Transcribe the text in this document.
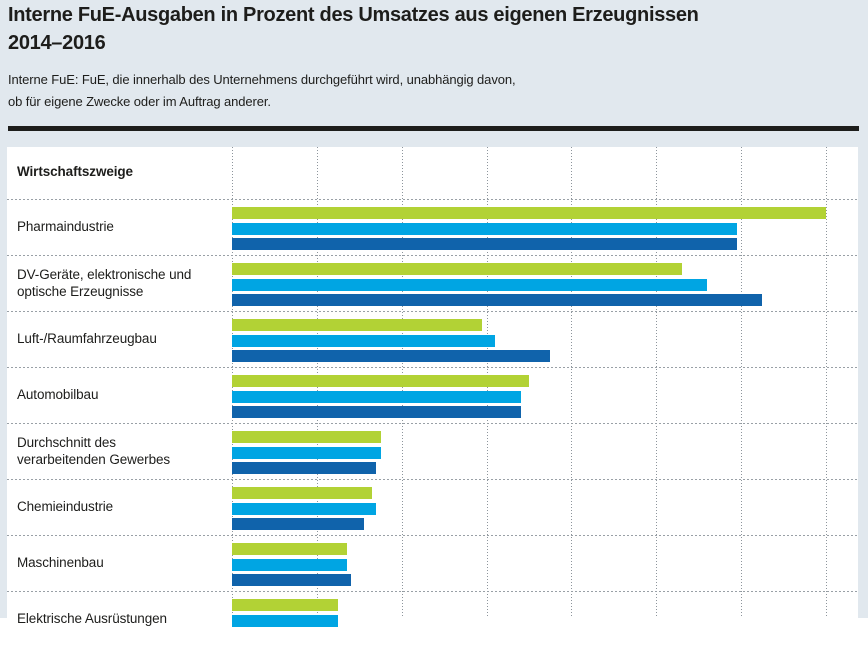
Interne FuE-Ausgaben in Prozent des Umsatzes aus eigenen Erzeugnissen
2014–2016
Interne FuE: FuE, die innerhalb des Unternehmens durchgeführt wird, unabhängig davon,
ob für eigene Zwecke oder im Auftrag anderer.
Wirtschaftszweige
Pharmaindustrie
DV-Geräte, elektronische und
optische Erzeugnisse
Luft-/Raumfahrzeugbau
Automobilbau
Durchschnitt des
verarbeitenden Gewerbes
Chemieindustrie
Maschinenbau
Elektrische Ausrüstungen
